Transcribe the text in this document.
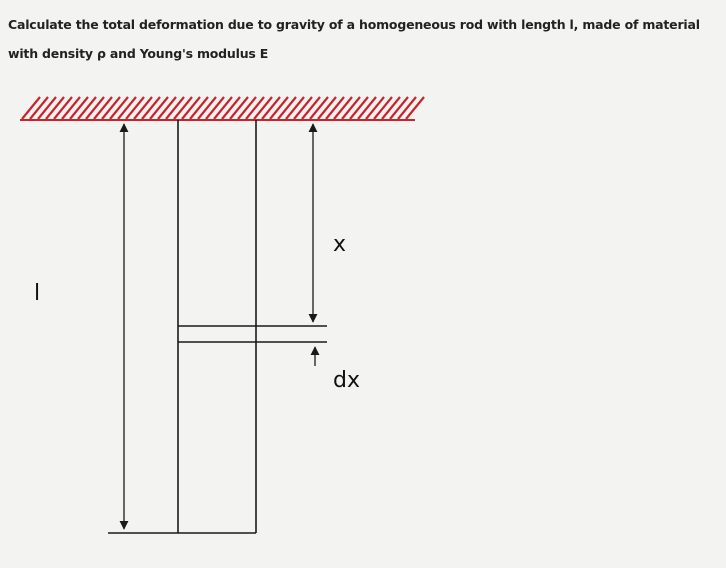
Calculate the total deformation due to gravity of a homogeneous rod with length l, made of material
with density ρ and Young's modulus E
l
x
dx
